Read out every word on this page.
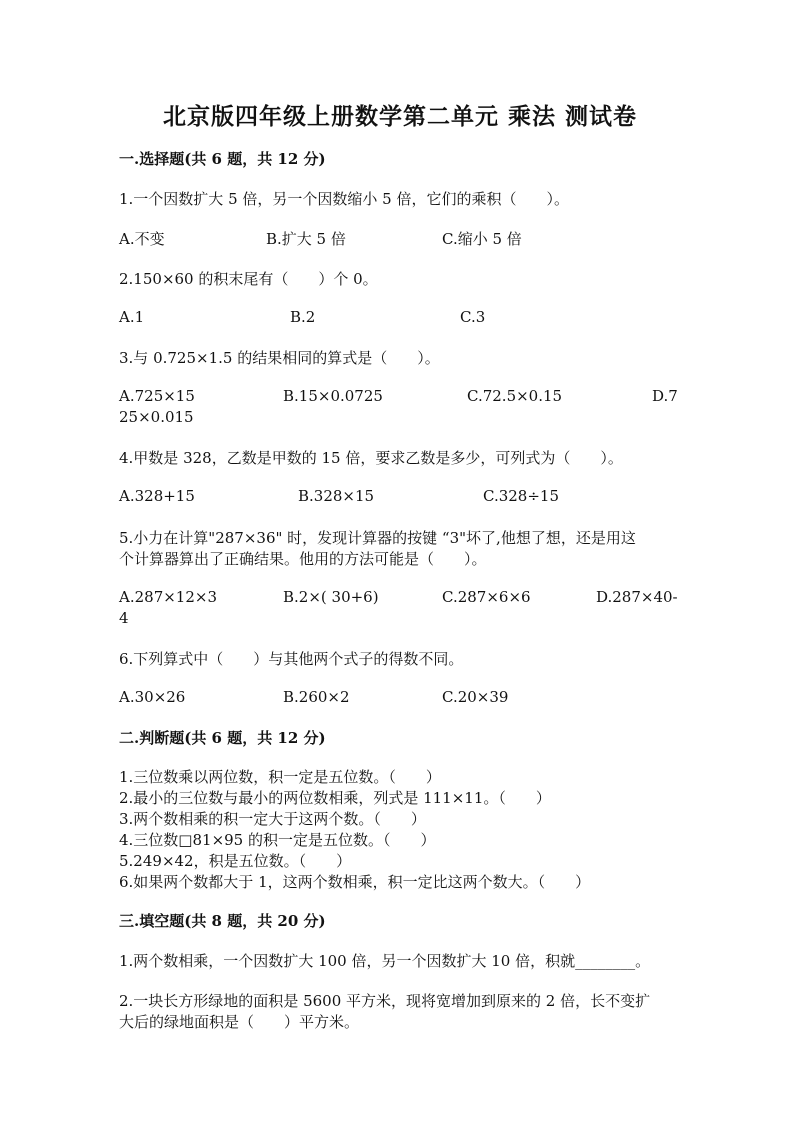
北京版四年级上册数学第二单元 乘法 测试卷
一.选择题(共 6 题，共 12 分)
1.一个因数扩大 5 倍，另一个因数缩小 5 倍，它们的乘积（　　）。
A.不变	B.扩大 5 倍	C.缩小 5 倍
2.150×60 的积末尾有（　　）个 0。
A.1	B.2	C.3
3.与 0.725×1.5 的结果相同的算式是（　　）。
A.725×15	B.15×0.0725	C.72.5×0.15	D.7
25×0.015
4.甲数是 328，乙数是甲数的 15 倍，要求乙数是多少，可列式为（　　）。
A.328+15	B.328×15	C.328÷15
5.小力在计算"287×36" 时，发现计算器的按键 “3"坏了,他想了想，还是用这
个计算器算出了正确结果。他用的方法可能是（　　）。
A.287×12×3	B.2×( 30+6)	C.287×6×6	D.287×40-
4
6.下列算式中（　　）与其他两个式子的得数不同。
A.30×26	B.260×2	C.20×39
二.判断题(共 6 题，共 12 分)
1.三位数乘以两位数，积一定是五位数。（　　）
2.最小的三位数与最小的两位数相乘，列式是 111×11。（　　）
3.两个数相乘的积一定大于这两个数。（　　）
4.三位数□81×95 的积一定是五位数。（　　）
5.249×42，积是五位数。（　　）
6.如果两个数都大于 1，这两个数相乘，积一定比这两个数大。（　　）
三.填空题(共 8 题，共 20 分)
1.两个数相乘，一个因数扩大 100 倍，另一个因数扩大 10 倍，积就________。
2.一块长方形绿地的面积是 5600 平方米，现将宽增加到原来的 2 倍，长不变扩
大后的绿地面积是（　　）平方米。
